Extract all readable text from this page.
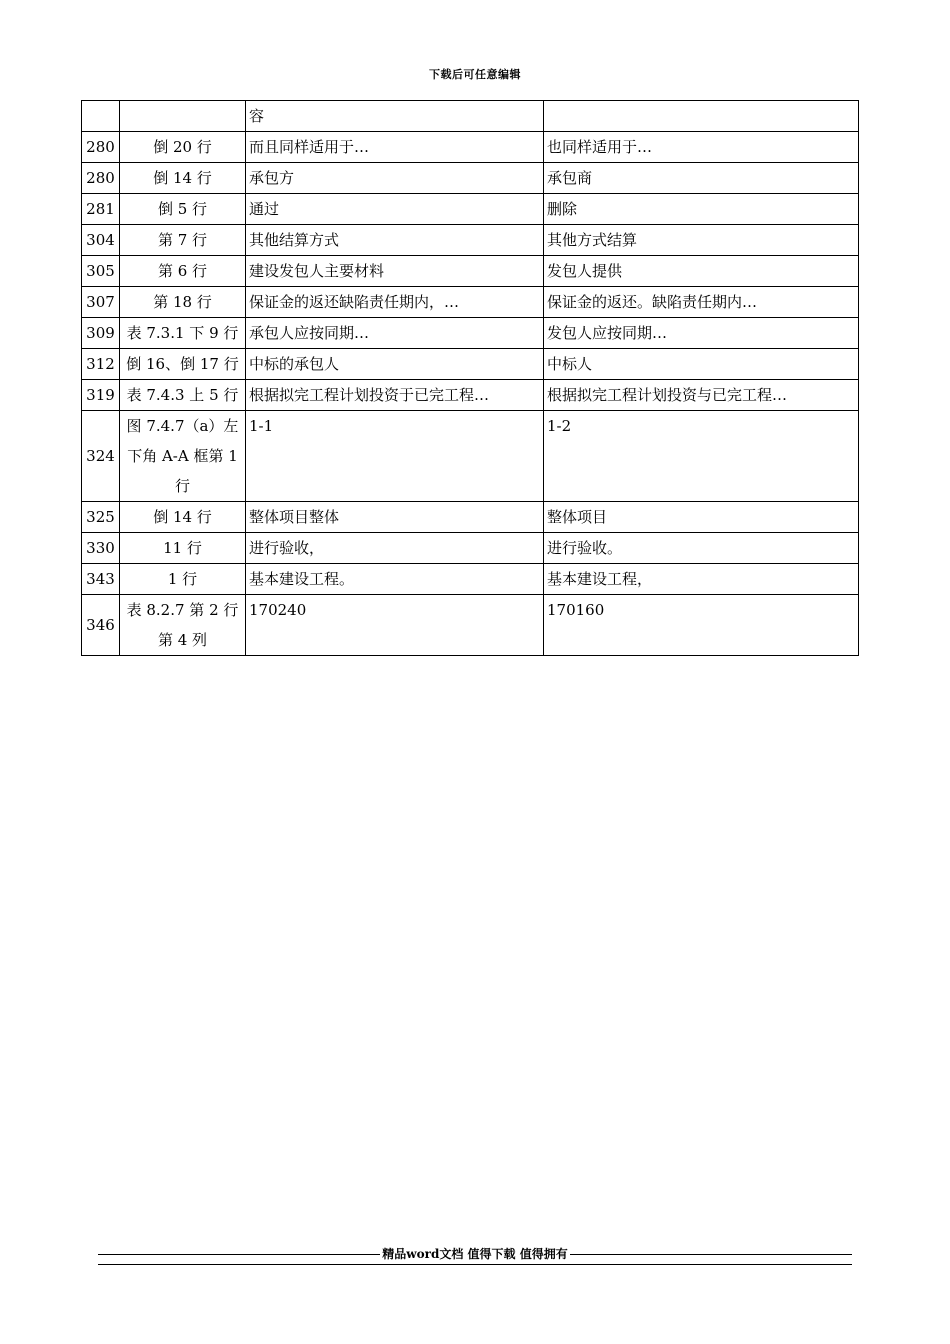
下载后可任意编辑
		容	
280	倒 20 行	而且同样适用于…	也同样适用于…
280	倒 14 行	承包方	承包商
281	倒 5 行	通过	删除
304	第 7 行	其他结算方式	其他方式结算
305	第 6 行	建设发包人主要材料	发包人提供
307	第 18 行	保证金的返还缺陷责任期内，…	保证金的返还。缺陷责任期内…
309	表 7.3.1 下 9 行	承包人应按同期…	发包人应按同期…
312	倒 16、倒 17 行	中标的承包人	中标人
319	表 7.4.3 上 5 行	根据拟完工程计划投资于已完工程…	根据拟完工程计划投资与已完工程…
324	图 7.4.7（a）左下角 A-A 框第 1 行	1-1	1-2
325	倒 14 行	整体项目整体	整体项目
330	11 行	进行验收，	进行验收。
343	1 行	基本建设工程。	基本建设工程，
346	表 8.2.7 第 2 行第 4 列	170240	170160
精品word文档 值得下载 值得拥有
